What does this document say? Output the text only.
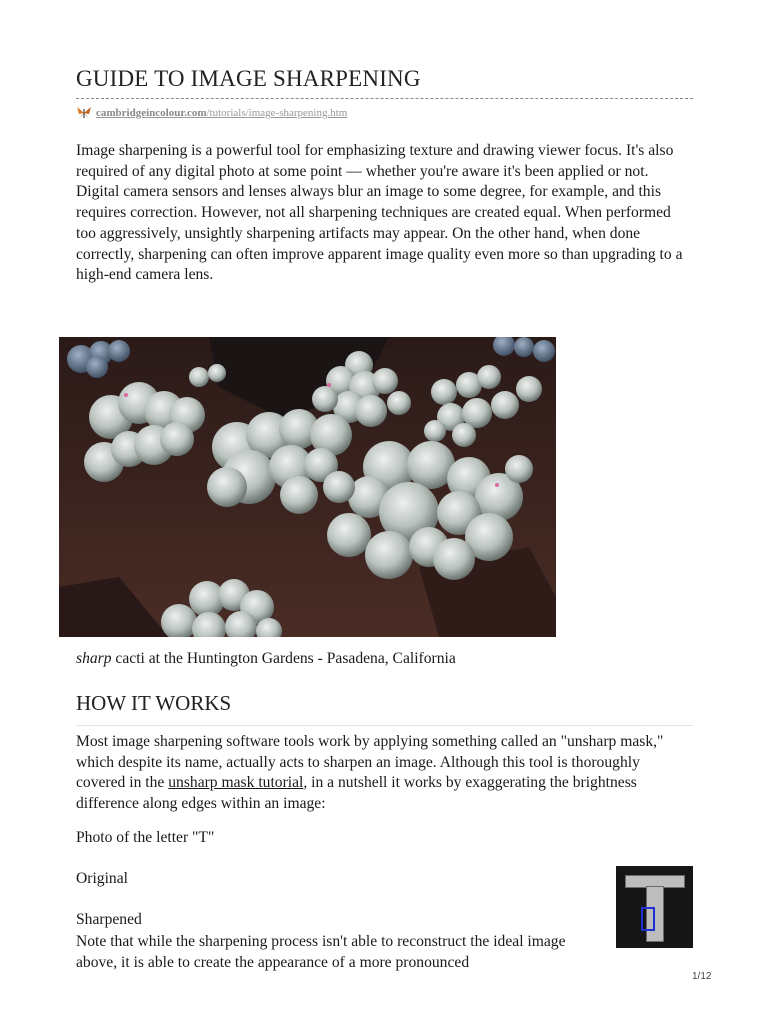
GUIDE TO IMAGE SHARPENING
cambridgeincolour.com/tutorials/image-sharpening.htm

Image sharpening is a powerful tool for emphasizing texture and drawing viewer focus. It's also required of any digital photo at some point — whether you're aware it's been applied or not. Digital camera sensors and lenses always blur an image to some degree, for example, and this requires correction. However, not all sharpening techniques are created equal. When performed too aggressively, unsightly sharpening artifacts may appear. On the other hand, when done correctly, sharpening can often improve apparent image quality even more so than upgrading to a high-end camera lens.

sharp cacti at the Huntington Gardens - Pasadena, California

HOW IT WORKS

Most image sharpening software tools work by applying something called an "unsharp mask," which despite its name, actually acts to sharpen an image. Although this tool is thoroughly covered in the unsharp mask tutorial, in a nutshell it works by exaggerating the brightness difference along edges within an image:

Photo of the letter "T"

Original

Sharpened

Note that while the sharpening process isn't able to reconstruct the ideal image above, it is able to create the appearance of a more pronounced

1/12
